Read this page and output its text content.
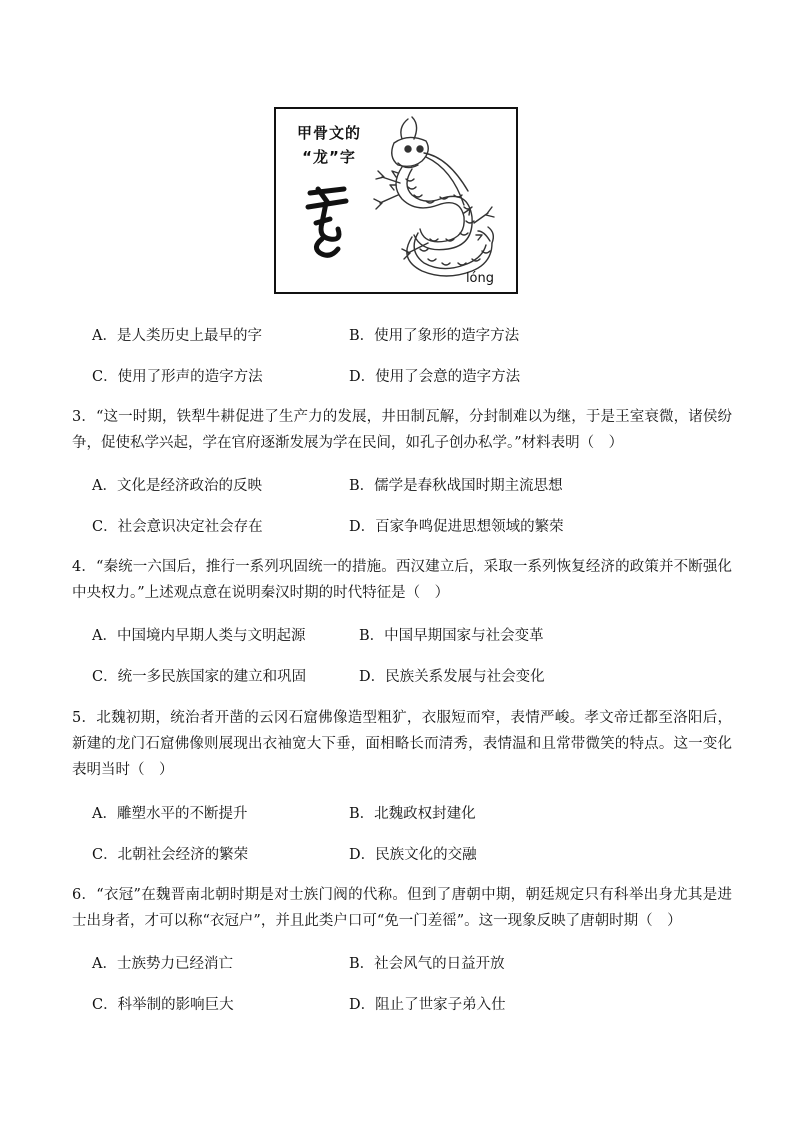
甲骨文的
“龙”字
lóng
A．是人类历史上最早的字	B．使用了象形的造字方法
C．使用了形声的造字方法	D．使用了会意的造字方法

3．“这一时期，铁犁牛耕促进了生产力的发展，井田制瓦解，分封制难以为继，于是王室衰微，诸侯纷争，促使私学兴起，学在官府逐渐发展为学在民间，如孔子创办私学。”材料表明（　）

A．文化是经济政治的反映	B．儒学是春秋战国时期主流思想
C．社会意识决定社会存在	D．百家争鸣促进思想领域的繁荣

4．“秦统一六国后，推行一系列巩固统一的措施。西汉建立后，采取一系列恢复经济的政策并不断强化中央权力。”上述观点意在说明秦汉时期的时代特征是（　）

A．中国境内早期人类与文明起源	B．中国早期国家与社会变革
C．统一多民族国家的建立和巩固	D．民族关系发展与社会变化

5．北魏初期，统治者开凿的云冈石窟佛像造型粗犷，衣服短而窄，表情严峻。孝文帝迁都至洛阳后，新建的龙门石窟佛像则展现出衣袖宽大下垂，面相略长而清秀，表情温和且常带微笑的特点。这一变化表明当时（　）

A．雕塑水平的不断提升	B．北魏政权封建化
C．北朝社会经济的繁荣	D．民族文化的交融

6．“衣冠”在魏晋南北朝时期是对士族门阀的代称。但到了唐朝中期，朝廷规定只有科举出身尤其是进士出身者，才可以称“衣冠户”，并且此类户口可“免一门差徭”。这一现象反映了唐朝时期（　）

A．士族势力已经消亡	B．社会风气的日益开放
C．科举制的影响巨大	D．阻止了世家子弟入仕
